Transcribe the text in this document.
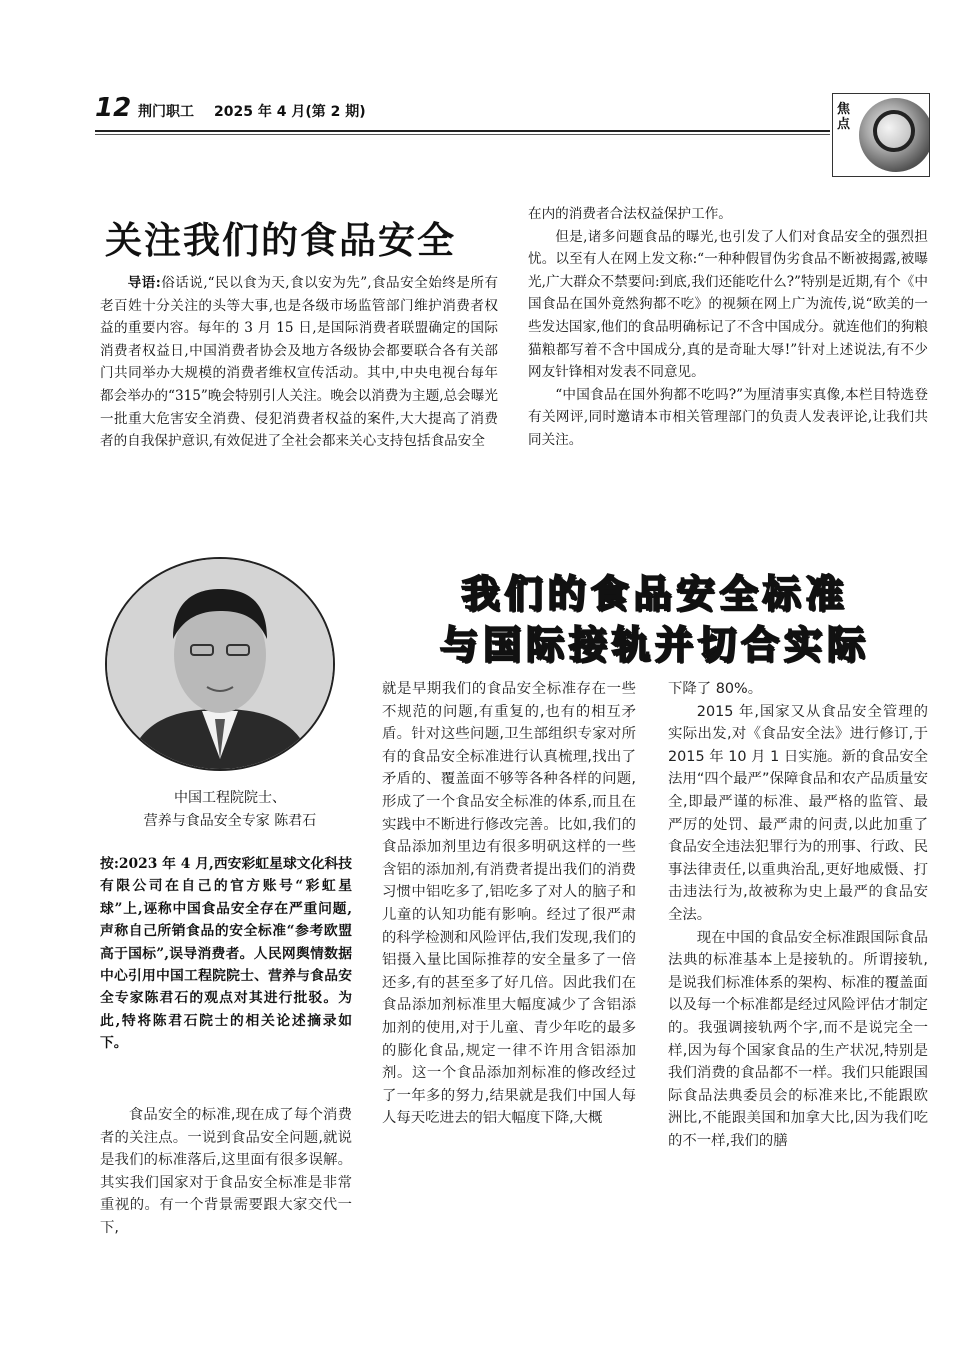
12 荆门职工 2025 年 4 月(第 2 期)	焦点
关注我们的食品安全
导语:俗话说,“民以食为天,食以安为先”,食品安全始终是所有老百姓十分关注的头等大事,也是各级市场监管部门维护消费者权益的重要内容。每年的 3 月 15 日,是国际消费者联盟确定的国际消费者权益日,中国消费者协会及地方各级协会都要联合各有关部门共同举办大规模的消费者维权宣传活动。其中,中央电视台每年都会举办的“315”晚会特别引人关注。晚会以消费为主题,总会曝光一批重大危害安全消费、侵犯消费者权益的案件,大大提高了消费者的自我保护意识,有效促进了全社会都来关心支持包括食品安全

在内的消费者合法权益保护工作。

但是,诸多问题食品的曝光,也引发了人们对食品安全的强烈担忧。以至有人在网上发文称:“一种种假冒伪劣食品不断被揭露,被曝光,广大群众不禁要问:到底,我们还能吃什么?”特别是近期,有个《中国食品在国外竟然狗都不吃》的视频在网上广为流传,说“欧美的一些发达国家,他们的食品明确标记了不含中国成分。就连他们的狗粮猫粮都写着不含中国成分,真的是奇耻大辱!”针对上述说法,有不少网友针锋相对发表不同意见。

“中国食品在国外狗都不吃吗?”为厘清事实真像,本栏目特选登有关网评,同时邀请本市相关管理部门的负责人发表评论,让我们共同关注。

中国工程院院士、
营养与食品安全专家 陈君石
我们的食品安全标准
与国际接轨并切合实际
按:2023 年 4 月,西安彩虹星球文化科技有限公司在自己的官方账号“彩虹星球”上,诬称中国食品安全存在严重问题,声称自己所销食品的安全标准“参考欧盟高于国标”,误导消费者。人民网舆情数据中心引用中国工程院院士、营养与食品安全专家陈君石的观点对其进行批驳。为此,特将陈君石院士的相关论述摘录如下。

食品安全的标准,现在成了每个消费者的关注点。一说到食品安全问题,就说是我们的标准落后,这里面有很多误解。其实我们国家对于食品安全标准是非常重视的。有一个背景需要跟大家交代一下,

就是早期我们的食品安全标准存在一些不规范的问题,有重复的,也有的相互矛盾。针对这些问题,卫生部组织专家对所有的食品安全标准进行认真梳理,找出了矛盾的、覆盖面不够等各种各样的问题,形成了一个食品安全标准的体系,而且在实践中不断进行修改完善。比如,我们的食品添加剂里边有很多明矾这样的一些含铝的添加剂,有消费者提出我们的消费习惯中铝吃多了,铝吃多了对人的脑子和儿童的认知功能有影响。经过了很严肃的科学检测和风险评估,我们发现,我们的铝摄入量比国际推荐的安全量多了一倍还多,有的甚至多了好几倍。因此我们在食品添加剂标准里大幅度减少了含铝添加剂的使用,对于儿童、青少年吃的最多的膨化食品,规定一律不许用含铝添加剂。这一个食品添加剂标准的修改经过了一年多的努力,结果就是我们中国人每人每天吃进去的铝大幅度下降,大概

下降了 80%。

2015 年,国家又从食品安全管理的实际出发,对《食品安全法》进行修订,于 2015 年 10 月 1 日实施。新的食品安全法用“四个最严”保障食品和农产品质量安全,即最严谨的标准、最严格的监管、最严厉的处罚、最严肃的问责,以此加重了食品安全违法犯罪行为的刑事、行政、民事法律责任,以重典治乱,更好地威慑、打击违法行为,故被称为史上最严的食品安全法。

现在中国的食品安全标准跟国际食品法典的标准基本上是接轨的。所谓接轨,是说我们标准体系的架构、标准的覆盖面以及每一个标准都是经过风险评估才制定的。我强调接轨两个字,而不是说完全一样,因为每个国家食品的生产状况,特别是我们消费的食品都不一样。我们只能跟国际食品法典委员会的标准来比,不能跟欧洲比,不能跟美国和加拿大比,因为我们吃的不一样,我们的膳
